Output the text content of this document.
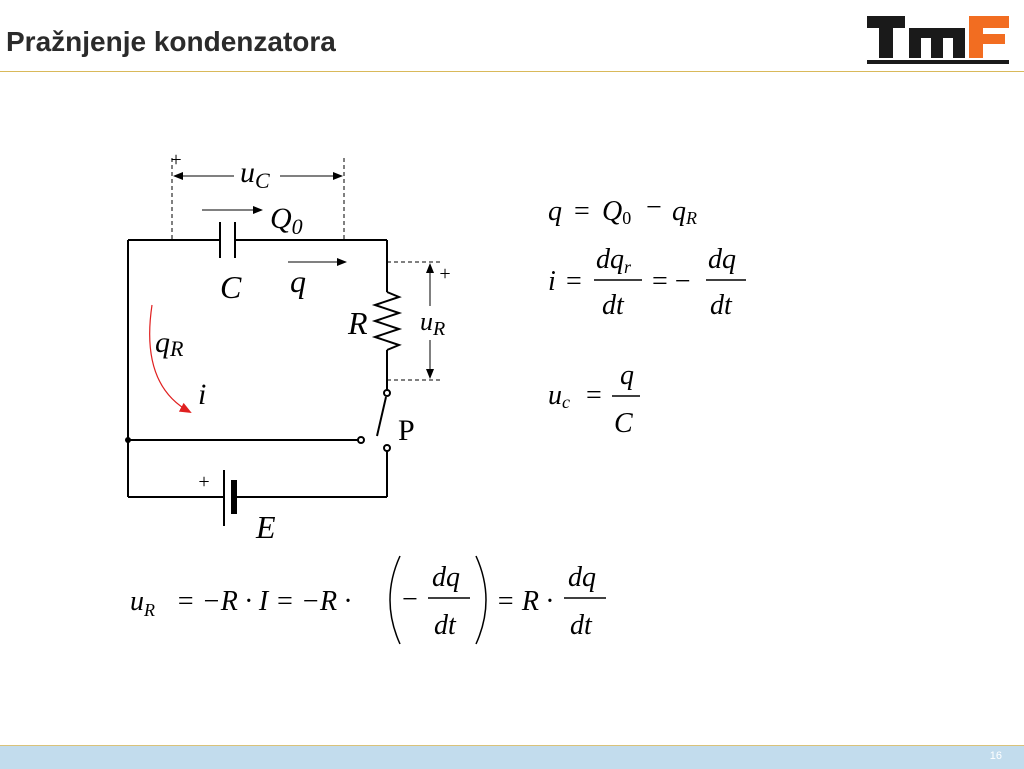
Pražnjenje kondenzatora
+ $u_C$
$Q_0$
C q
R uR
+
qR
i
P
+
E
q = Q0 − qR
i =
dqr
dt
= −
dq
dt
uc =
q
C
$u_R = -R \cdot I = -R$ · −
dq
dt
= R ·
dq
dt
16
